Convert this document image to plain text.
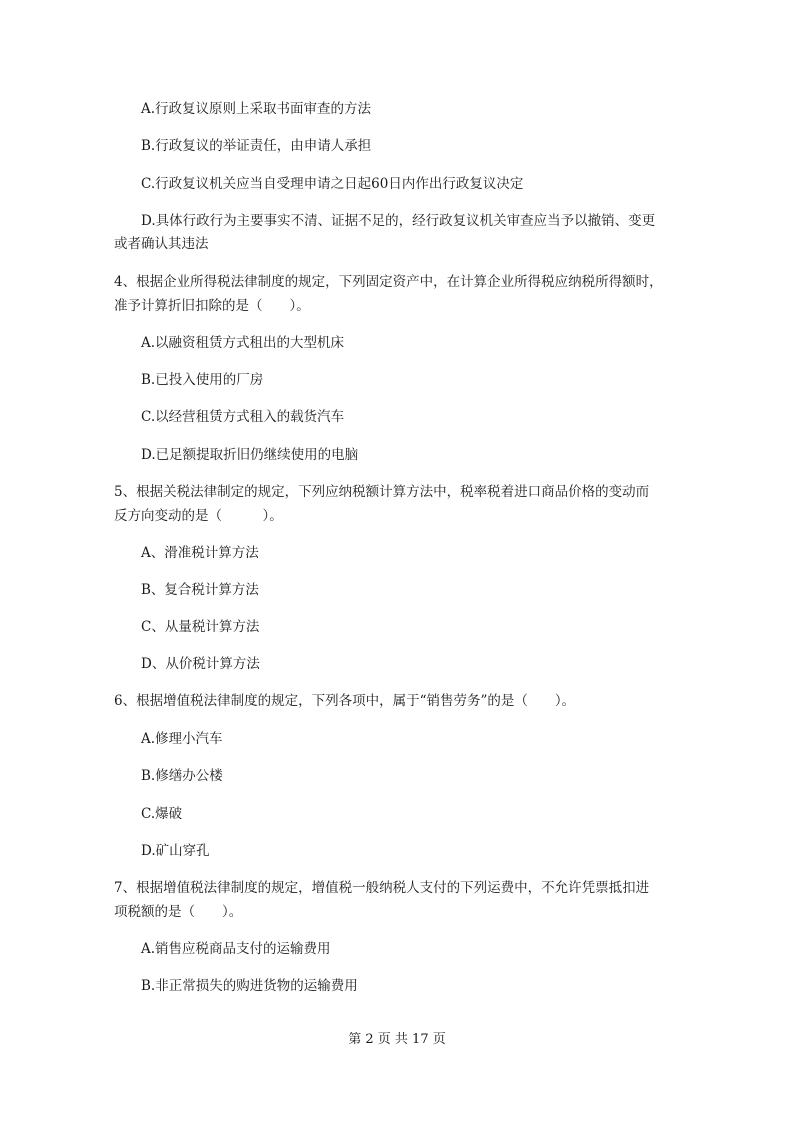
A.行政复议原则上采取书面审查的方法
B.行政复议的举证责任，由申请人承担
C.行政复议机关应当自受理申请之日起60日内作出行政复议决定
D.具体行政行为主要事实不清、证据不足的，经行政复议机关审查应当予以撤销、变更
或者确认其违法
4、根据企业所得税法律制度的规定，下列固定资产中，在计算企业所得税应纳税所得额时，
准予计算折旧扣除的是（　　）。
A.以融资租赁方式租出的大型机床
B.已投入使用的厂房
C.以经营租赁方式租入的载货汽车
D.已足额提取折旧仍继续使用的电脑
5、根据关税法律制定的规定，下列应纳税额计算方法中，税率税着进口商品价格的变动而
反方向变动的是（　　　）。
A、滑准税计算方法
B、复合税计算方法
C、从量税计算方法
D、从价税计算方法
6、根据增值税法律制度的规定，下列各项中，属于“销售劳务”的是（　　）。
A.修理小汽车
B.修缮办公楼
C.爆破
D.矿山穿孔
7、根据增值税法律制度的规定，增值税一般纳税人支付的下列运费中，不允许凭票抵扣进
项税额的是（　　）。
A.销售应税商品支付的运输费用
B.非正常损失的购进货物的运输费用
第 2 页 共 17 页
